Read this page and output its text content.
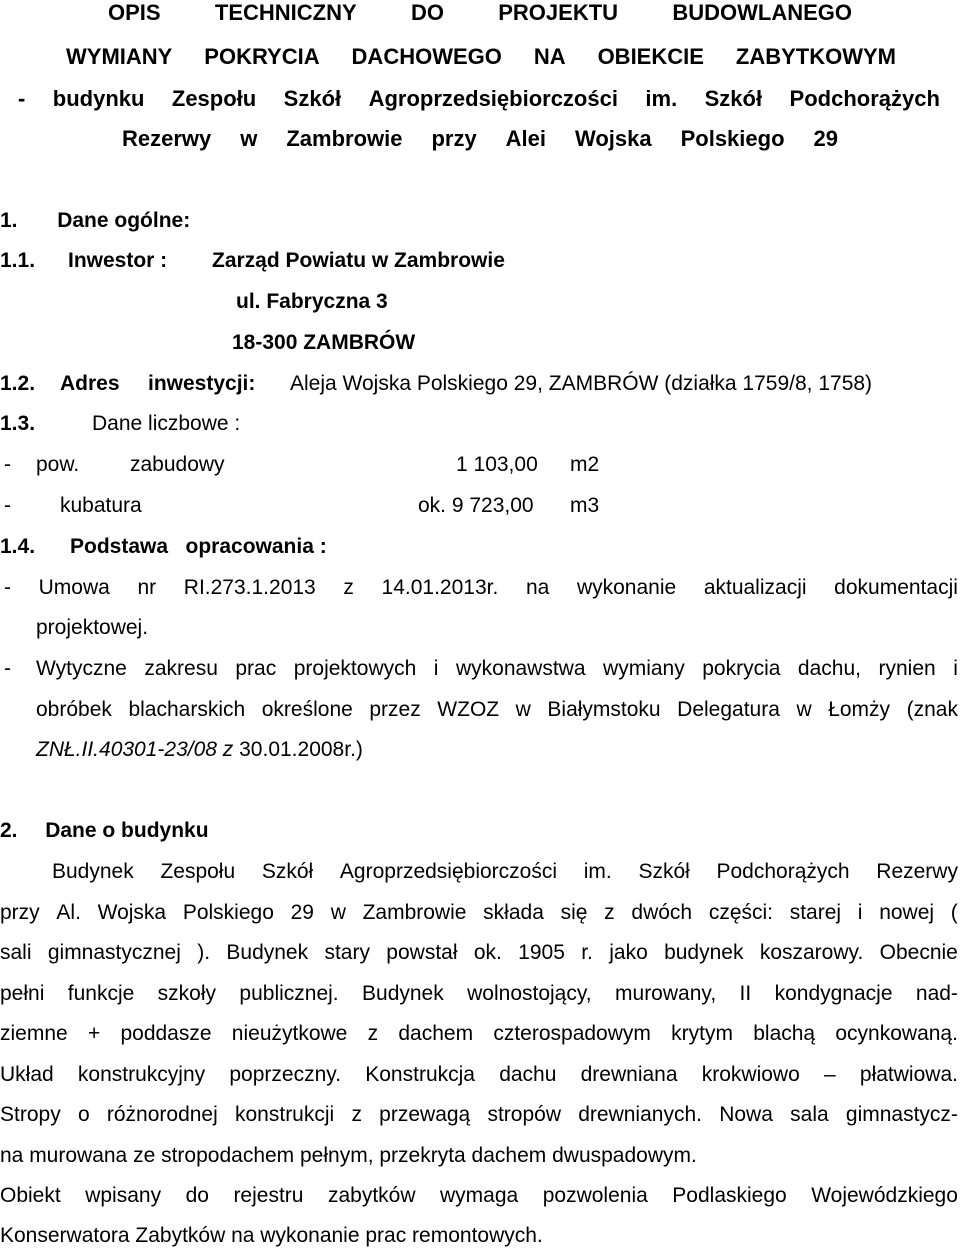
OPIS TECHNICZNY DO PROJEKTU BUDOWLANEGO
WYMIANY POKRYCIA DACHOWEGO NA OBIEKCIE ZABYTKOWYM
- budynku Zespołu Szkół Agroprzedsiębiorczości im. Szkół Podchorążych
Rezerwy w Zambrowie przy Alei Wojska Polskiego 29
1. Dane ogólne:
1.1. Inwestor : Zarząd Powiatu w Zambrowie
ul. Fabryczna 3
18-300 ZAMBRÓW
1.2. Adres inwestycji: Aleja Wojska Polskiego 29, ZAMBRÓW (działka 1759/8, 1758)
1.3.	Dane liczbowe :
- pow. zabudowy	1 103,00 m2
- kubatura	ok. 9 723,00 m3
1.4. Podstawa   opracowania :
- Umowa nr RI.273.1.2013 z 14.01.2013r. na wykonanie aktualizacji dokumentacji
projektowej.
- Wytyczne zakresu prac projektowych i wykonawstwa wymiany pokrycia dachu, rynien i
obróbek blacharskich określone przez WZOZ w Białymstoku Delegatura w Łomży (znak
ZNŁ.II.40301-23/08 z 30.01.2008r.)
2. Dane o budynku
Budynek Zespołu Szkół Agroprzedsiębiorczości im. Szkół Podchorążych Rezerwy
przy Al. Wojska Polskiego 29 w Zambrowie składa się z dwóch części: starej i nowej (
sali gimnastycznej ). Budynek stary powstał ok. 1905 r. jako budynek koszarowy. Obecnie
pełni funkcje szkoły publicznej. Budynek wolnostojący, murowany, II kondygnacje nad-
ziemne + poddasze nieużytkowe z dachem czterospadowym krytym blachą ocynkowaną.
Układ konstrukcyjny poprzeczny. Konstrukcja dachu drewniana krokwiowo – płatwiowa.
Stropy o różnorodnej konstrukcji z przewagą stropów drewnianych. Nowa sala gimnastycz-
na murowana ze stropodachem pełnym, przekryta dachem dwuspadowym.
Obiekt wpisany do rejestru zabytków wymaga pozwolenia Podlaskiego Wojewódzkiego
Konserwatora Zabytków na wykonanie prac remontowych.
